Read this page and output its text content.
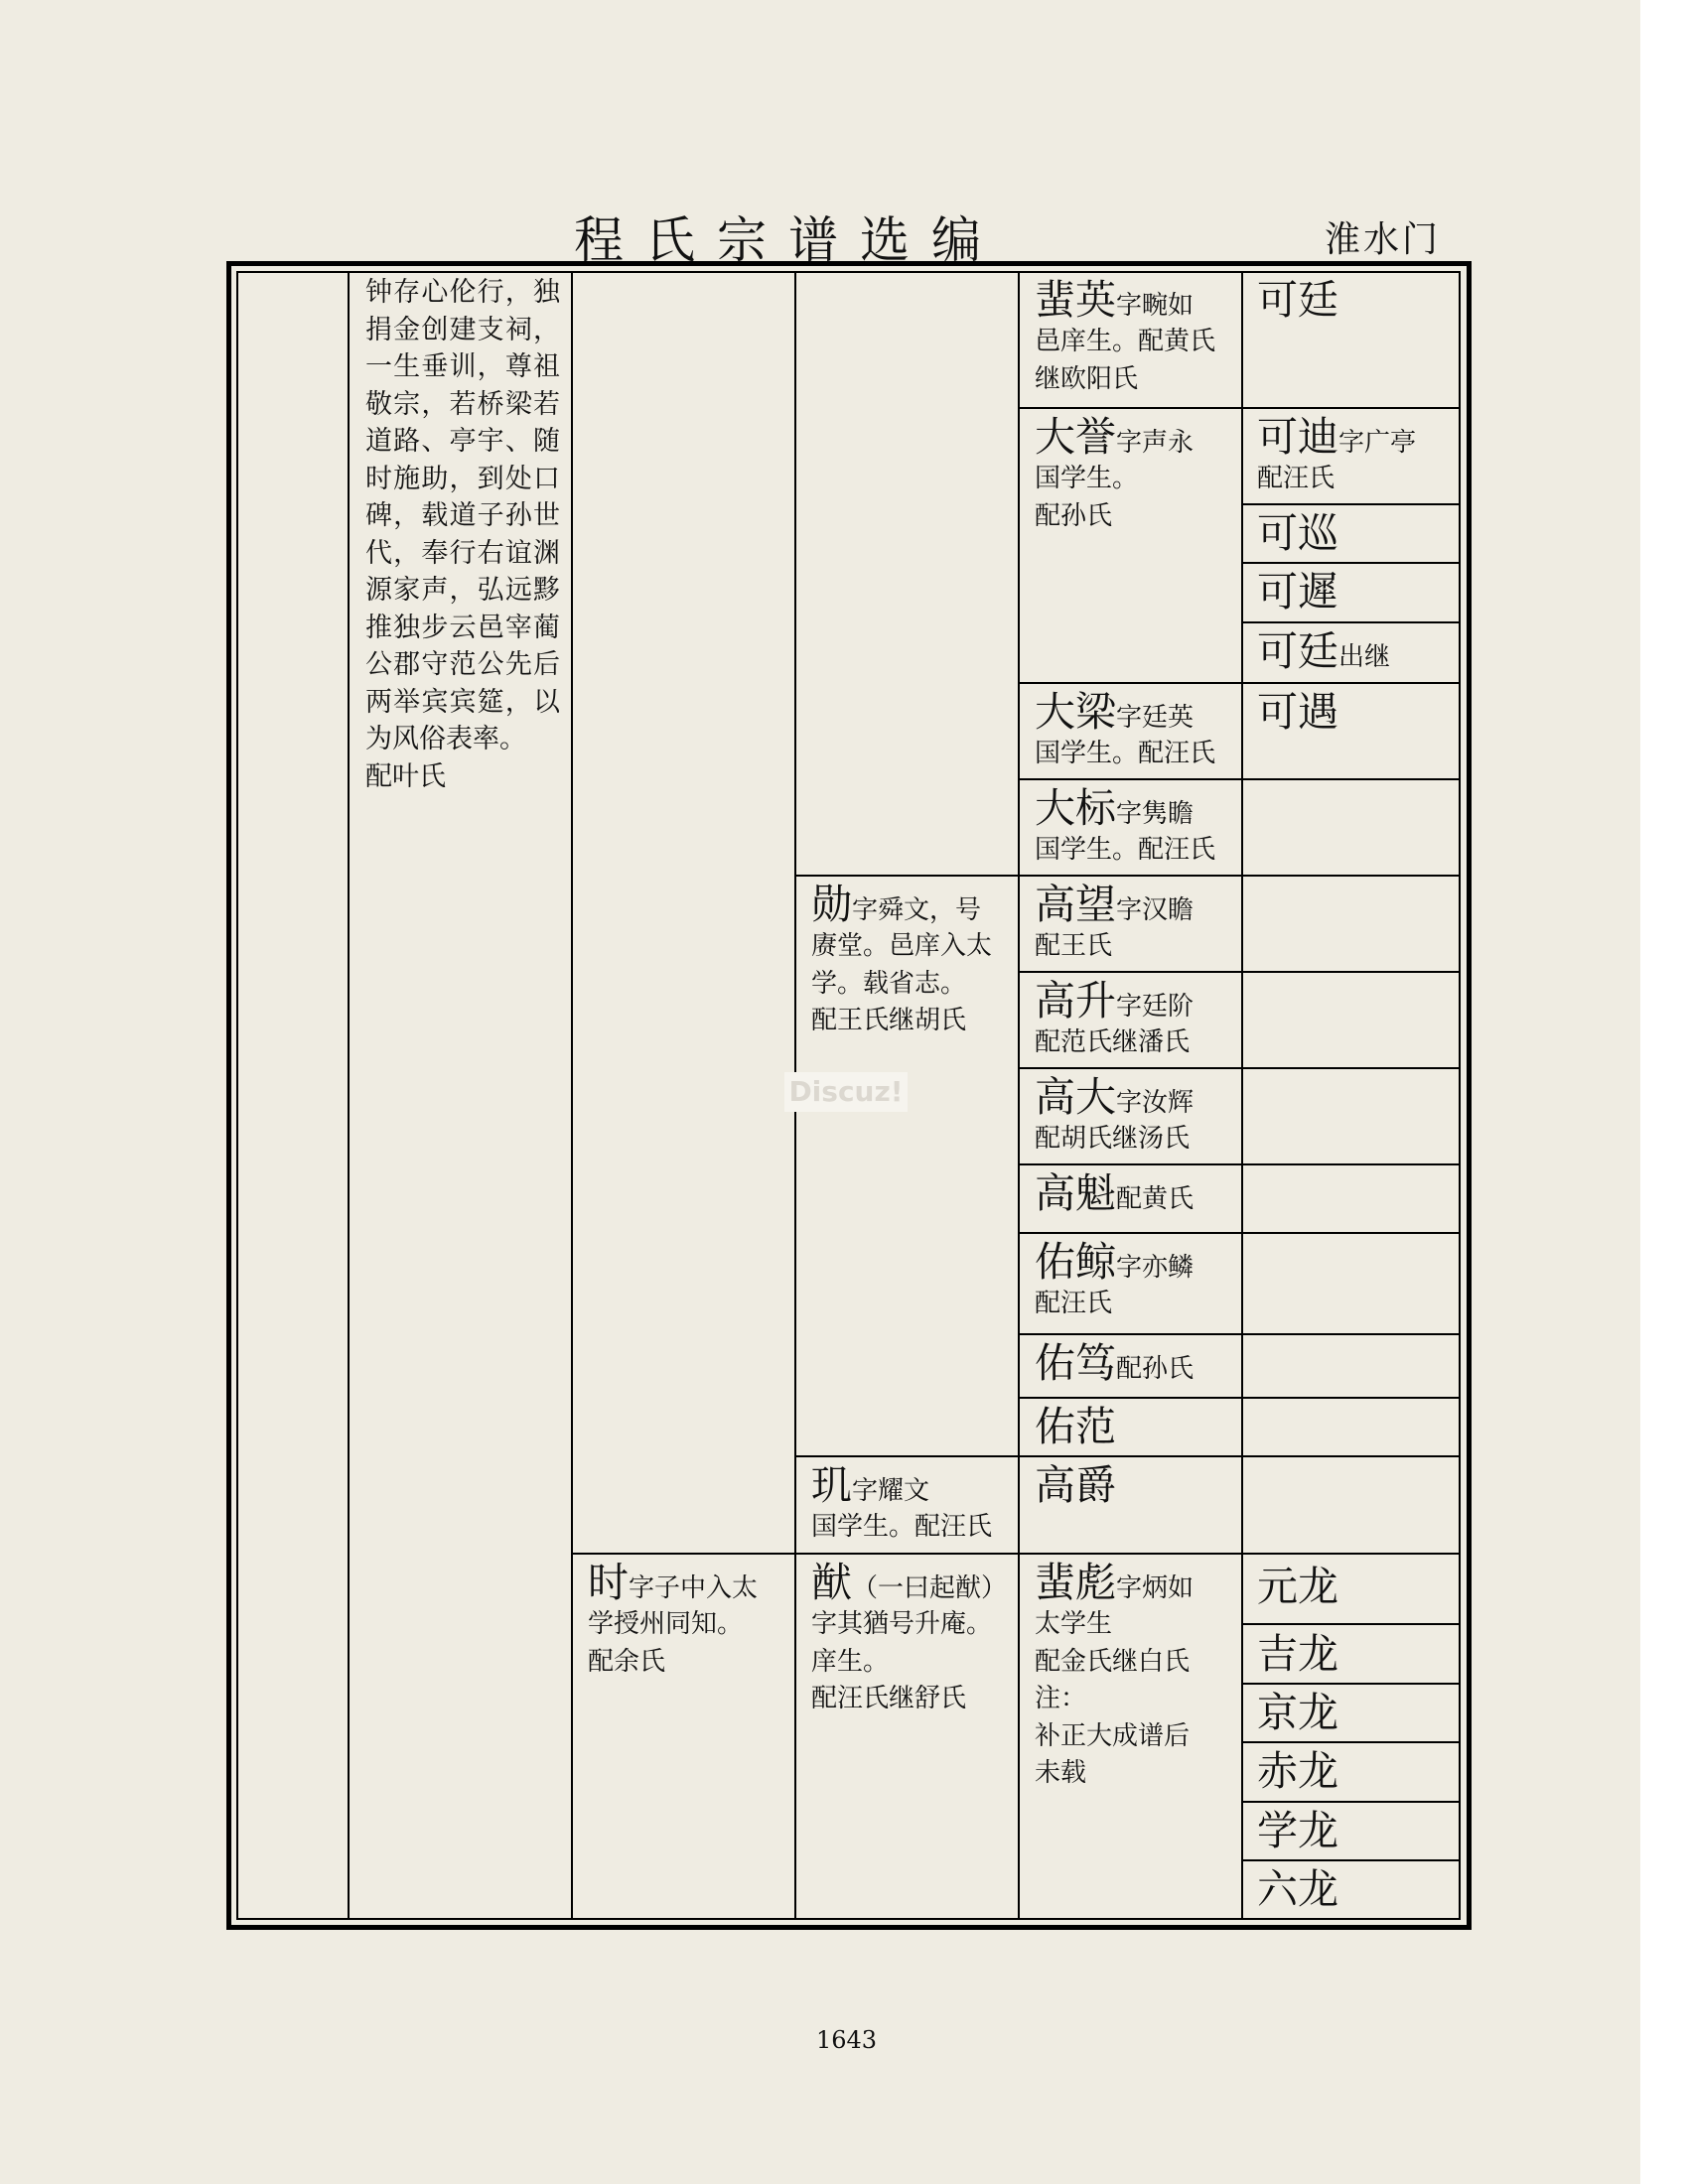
程氏宗谱选编	淮水门
钟存心伦行，独捐金创建支祠，一生垂训，尊祖敬宗，若桥梁若道路、亭宇、随时施助，到处口碑，载道子孙世代，奉行右谊渊源家声，弘远黟推独步云邑宰蔺公郡守范公先后两举宾宾筵，以为风俗表率。
配叶氏
蜚英字畹如
邑庠生。配黄氏
继欧阳氏
可廷
大誉字声永
国学生。
配孙氏
可迪字广亭
配汪氏
可巡
可遲
可廷出继
大梁字廷英
国学生。配汪氏
可遇
大标字隽瞻
国学生。配汪氏
勋字舜文，号
赓堂。邑庠入太
学。载省志。
配王氏继胡氏
高望字汉瞻
配王氏
高升字廷阶
配范氏继潘氏
高大字汝辉
配胡氏继汤氏
高魁配黄氏
佑鲸字亦鳞
配汪氏
佑笃配孙氏
佑范
玑字耀文
国学生。配汪氏
高爵
时字子中入太
学授州同知。
配余氏
猷（一曰起猷）
字其猶号升庵。
庠生。
配汪氏继舒氏
蜚彪字炳如
太学生
配金氏继白氏
注：
补正大成谱后
未载
元龙
吉龙
京龙
赤龙
学龙
六龙
Discuz!
1643
